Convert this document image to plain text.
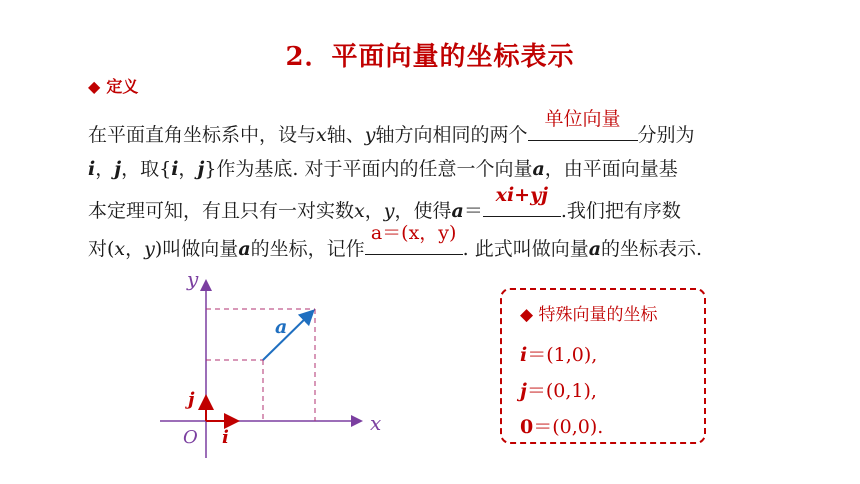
2．平面向量的坐标表示
◆ 定义
在平面直角坐标系中，设与x轴、y轴方向相同的两个
单位向量
分别为
i，j，取{i，j}作为基底. 对于平面内的任意一个向量a，由平面向量基
本定理可知，有且只有一对实数x，y，使得a＝
xi+yj
.我们把有序数
对(x，y)叫做向量a的坐标，记作
a＝(x，y)
. 此式叫做向量a的坐标表示.
x
y
O i
j
a
◆ 特殊向量的坐标
i＝(1,0),
j＝(0,1),
0＝(0,0).
